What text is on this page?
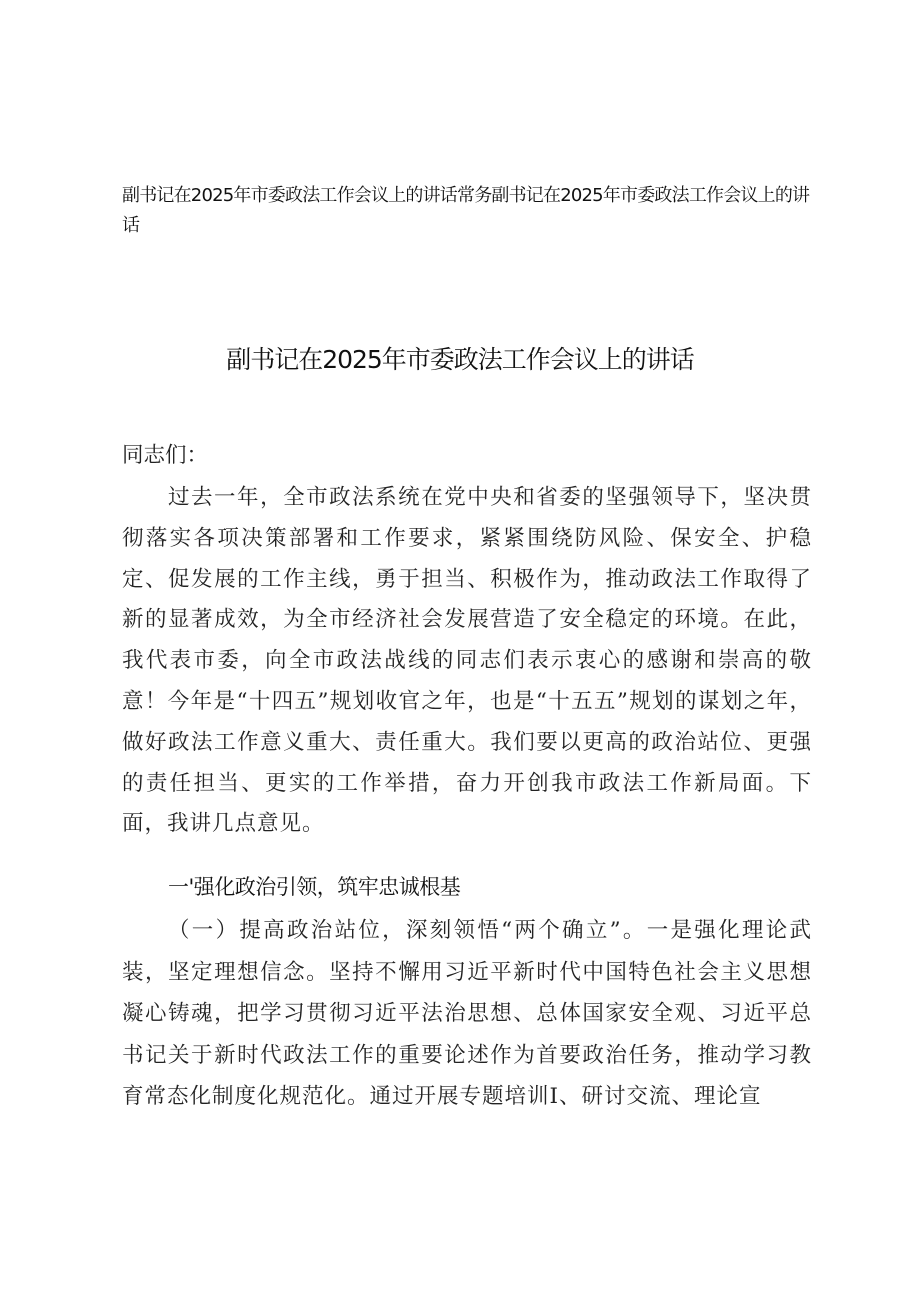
副书记在2025年市委政法工作会议上的讲话常务副书记在2025年市委政法工作会议上的讲话
副书记在2025年市委政法工作会议上的讲话
同志们：
过去一年，全市政法系统在党中央和省委的坚强领导下，坚决贯彻落实各项决策部署和工作要求，紧紧围绕防风险、保安全、护稳定、促发展的工作主线，勇于担当、积极作为，推动政法工作取得了新的显著成效，为全市经济社会发展营造了安全稳定的环境。在此，我代表市委，向全市政法战线的同志们表示衷心的感谢和崇高的敬意！今年是“十四五”规划收官之年，也是“十五五”规划的谋划之年，做好政法工作意义重大、责任重大。我们要以更高的政治站位、更强的责任担当、更实的工作举措，奋力开创我市政法工作新局面。下面，我讲几点意见。
一'强化政治引领，筑牢忠诚根基
（一）提高政治站位，深刻领悟“两个确立”。一是强化理论武装，坚定理想信念。坚持不懈用习近平新时代中国特色社会主义思想凝心铸魂，把学习贯彻习近平法治思想、总体国家安全观、习近平总书记关于新时代政法工作的重要论述作为首要政治任务，推动学习教育常态化制度化规范化。通过开展专题培训I、研讨交流、理论宣
